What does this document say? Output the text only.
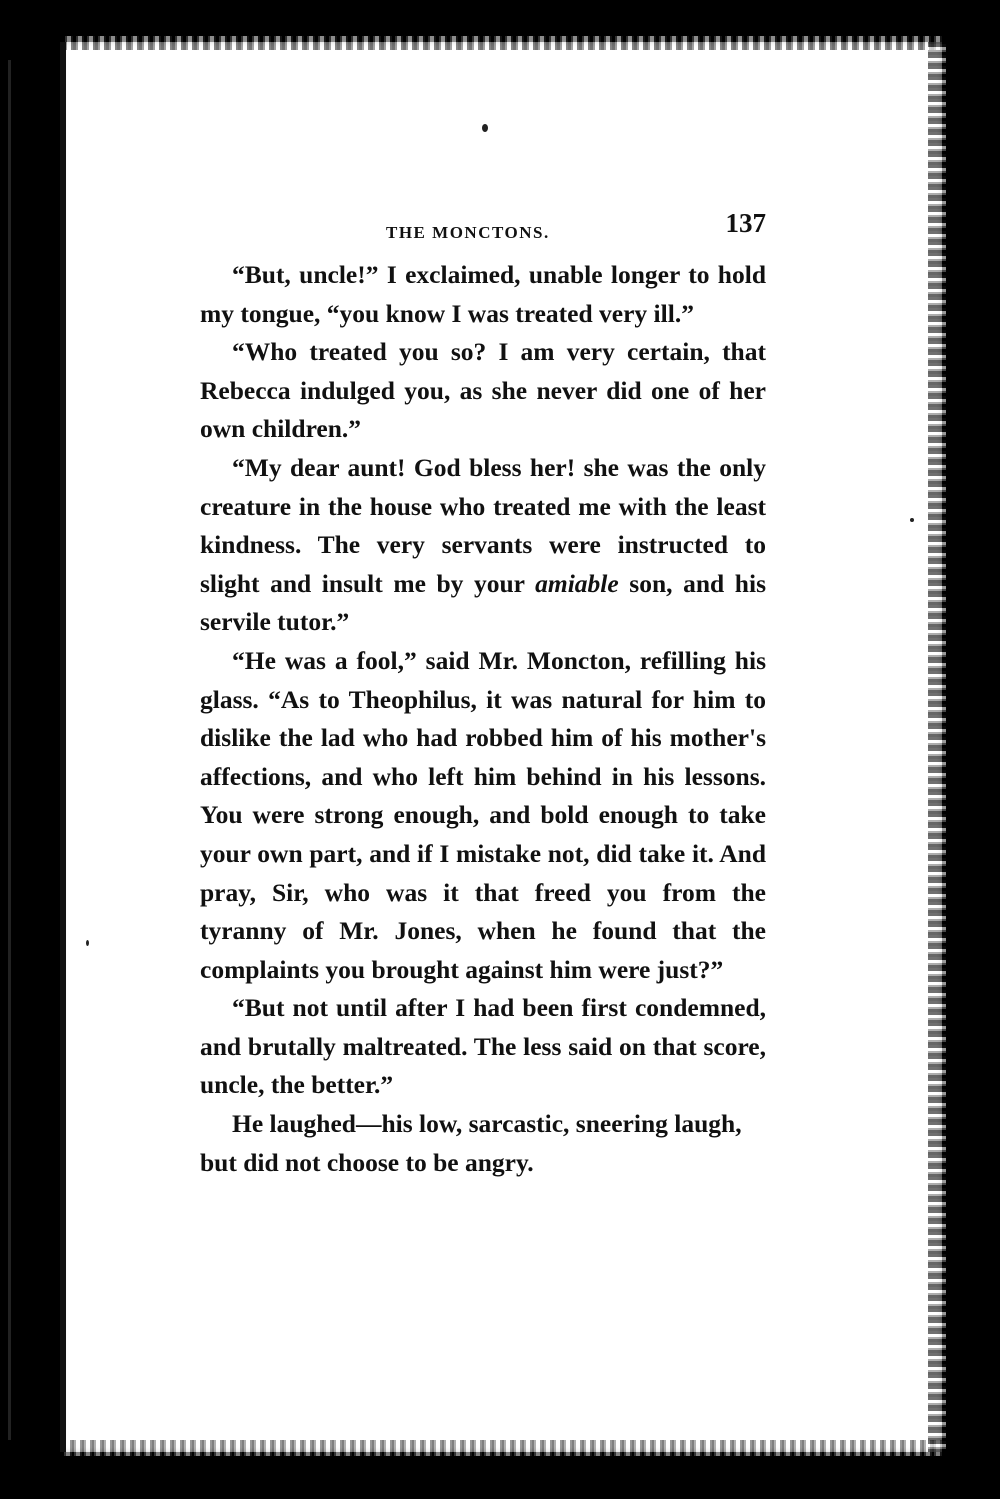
THE MONCTONS.	137

“But, uncle!” I exclaimed, unable longer to hold my tongue, “you know I was treated very ill.”

“Who treated you so? I am very certain, that Rebecca indulged you, as she never did one of her own children.”

“My dear aunt! God bless her! she was the only creature in the house who treated me with the least kindness. The very servants were instructed to slight and insult me by your amiable son, and his servile tutor.”

“He was a fool,” said Mr. Moncton, refilling his glass. “As to Theophilus, it was natural for him to dislike the lad who had robbed him of his mother's affections, and who left him behind in his lessons. You were strong enough, and bold enough to take your own part, and if I mistake not, did take it. And pray, Sir, who was it that freed you from the tyranny of Mr. Jones, when he found that the complaints you brought against him were just?”

“But not until after I had been first condemned, and brutally maltreated. The less said on that score, uncle, the better.”

He laughed—his low, sarcastic, sneering laugh, but did not choose to be angry.
